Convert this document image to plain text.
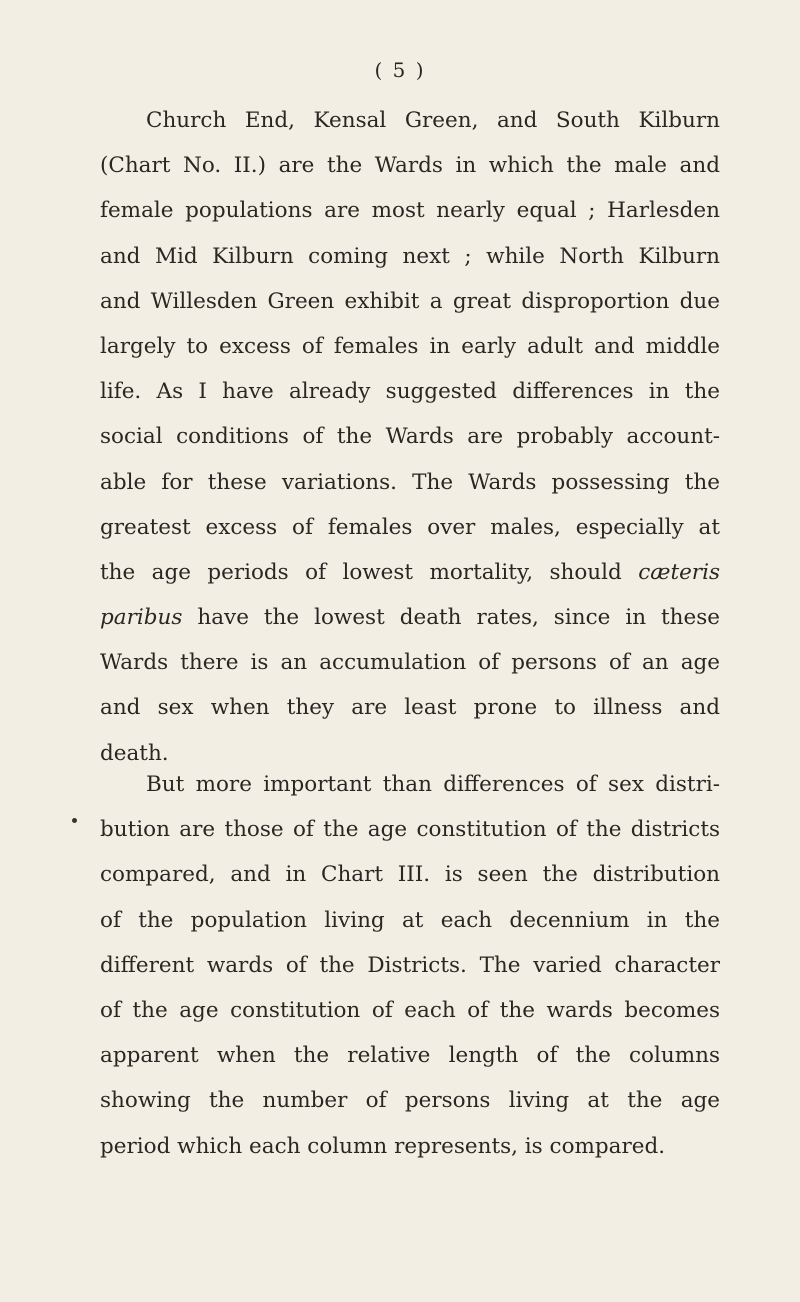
( 5 )
Church End, Kensal Green, and South Kilburn
(Chart No. II.) are the Wards in which the male and
female populations are most nearly equal ; Harlesden
and Mid Kilburn coming next ; while North Kilburn
and Willesden Green exhibit a great disproportion due
largely to excess of females in early adult and middle
life. As I have already suggested differences in the
social conditions of the Wards are probably account-
able for these variations. The Wards possessing the
greatest excess of females over males, especially at
the age periods of lowest mortality, should cæteris
paribus have the lowest death rates, since in these
Wards there is an accumulation of persons of an age
and sex when they are least prone to illness and
death.
But more important than differences of sex distri-
bution are those of the age constitution of the districts
compared, and in Chart III. is seen the distribution
of the population living at each decennium in the
different wards of the Districts. The varied character
of the age constitution of each of the wards becomes
apparent when the relative length of the columns
showing the number of persons living at the age
period which each column represents, is compared.
